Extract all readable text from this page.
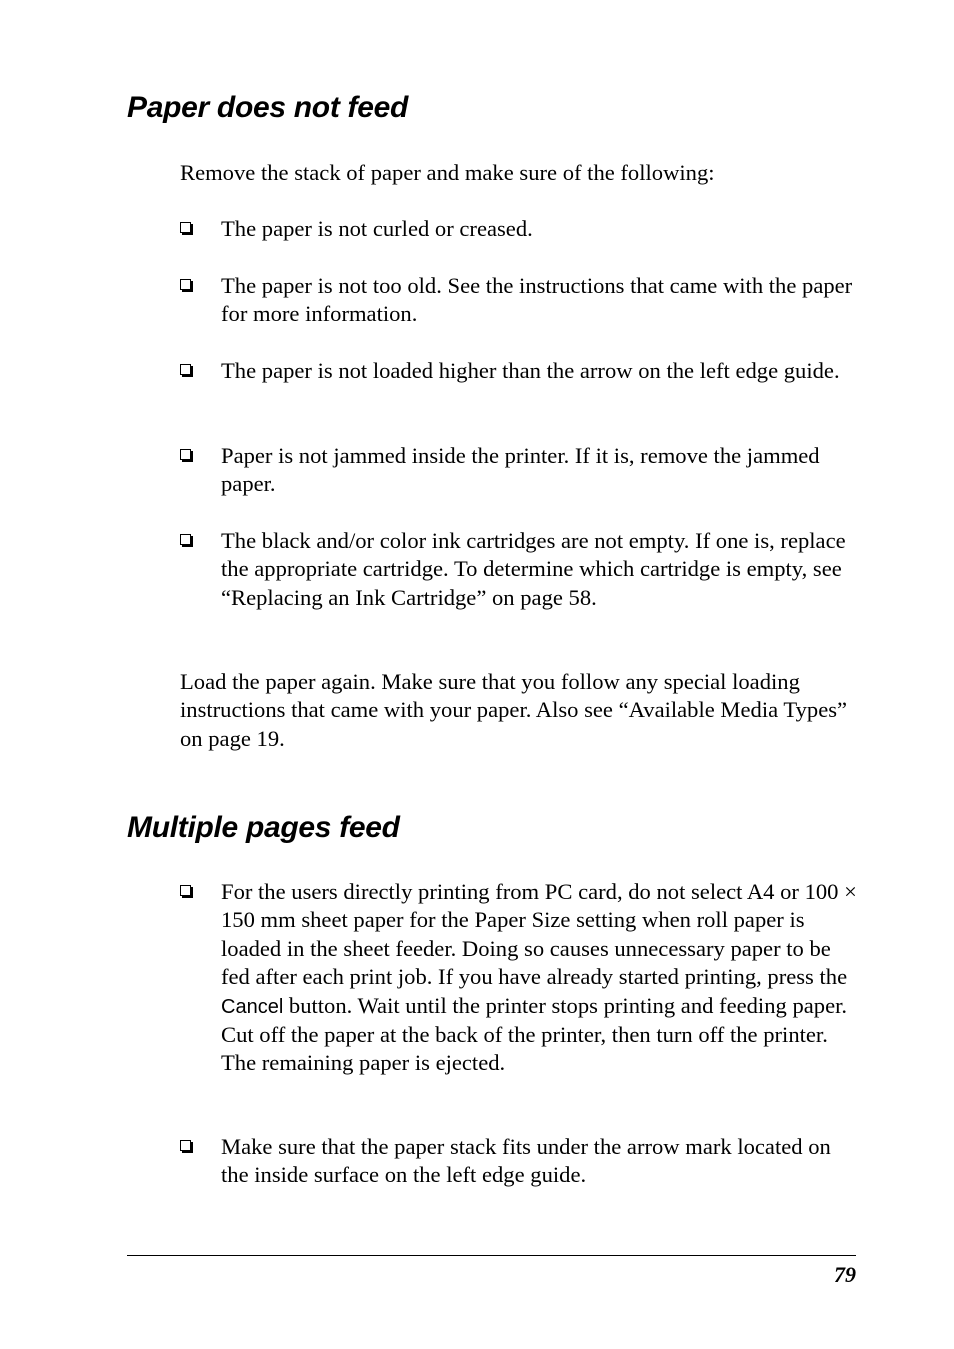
Paper does not feed

Remove the stack of paper and make sure of the following:

The paper is not curled or creased.
The paper is not too old. See the instructions that came with the paper for more information.
The paper is not loaded higher than the arrow on the left edge guide.
Paper is not jammed inside the printer. If it is, remove the jammed paper.
The black and/or color ink cartridges are not empty. If one is, replace the appropriate cartridge. To determine which cartridge is empty, see “Replacing an Ink Cartridge” on page 58.

Load the paper again. Make sure that you follow any special loading instructions that came with your paper. Also see “Available Media Types” on page 19.

Multiple pages feed
For the users directly printing from PC card, do not select A4 or 100 × 150 mm sheet paper for the Paper Size setting when roll paper is loaded in the sheet feeder. Doing so causes unnecessary paper to be fed after each print job. If you have already started printing, press the Cancel button. Wait until the printer stops printing and feeding paper. Cut off the paper at the back of the printer, then turn off the printer. The remaining paper is ejected.
Make sure that the paper stack fits under the arrow mark located on the inside surface on the left edge guide.
79
